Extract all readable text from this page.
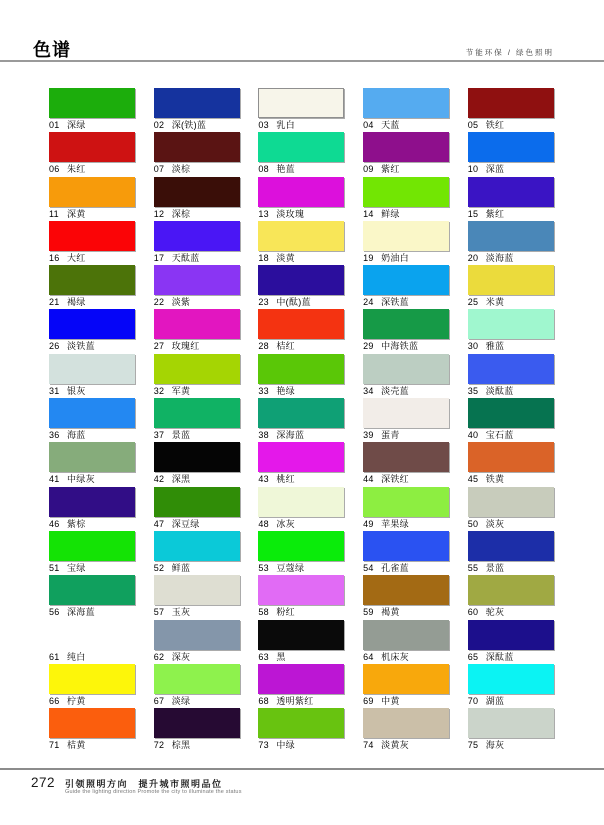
色谱	节能环保 / 绿色照明
01 深绿	02 深(铁)蓝	03 乳白	04 天蓝	05 铁红
06 朱红	07 淡棕	08 艳蓝	09 紫红	10 深蓝
11 深黄	12 深棕	13 淡玫瑰	14 鲜绿	15 紫红
16 大红	17 天酞蓝	18 淡黄	19 奶油白	20 淡海蓝
21 褐绿	22 淡紫	23 中(酞)蓝	24 深铁蓝	25 米黄
26 淡铁蓝	27 玫瑰红	28 桔红	29 中海铁蓝	30 雅蓝
31 银灰	32 军黄	33 艳绿	34 淡壳蓝	35 淡酞蓝
36 海蓝	37 景蓝	38 深海蓝	39 蛋青	40 宝石蓝
41 中绿灰	42 深黑	43 桃红	44 深铁红	45 铁黄
46 紫棕	47 深豆绿	48 冰灰	49 苹果绿	50 淡灰
51 宝绿	52 鲜蓝	53 豆蔻绿	54 孔雀蓝	55 景蓝
56 深海蓝	57 玉灰	58 粉红	59 褐黄	60 驼灰
61 纯白	62 深灰	63 黑	64 机床灰	65 深酞蓝
66 柠黄	67 淡绿	68 透明紫红	69 中黄	70 湖蓝
71 桔黄	72 棕黑	73 中绿	74 淡黄灰	75 海灰
272 引领照明方向　提升城市照明品位
Guide the lighting direction Promote the city to illuminate the status
